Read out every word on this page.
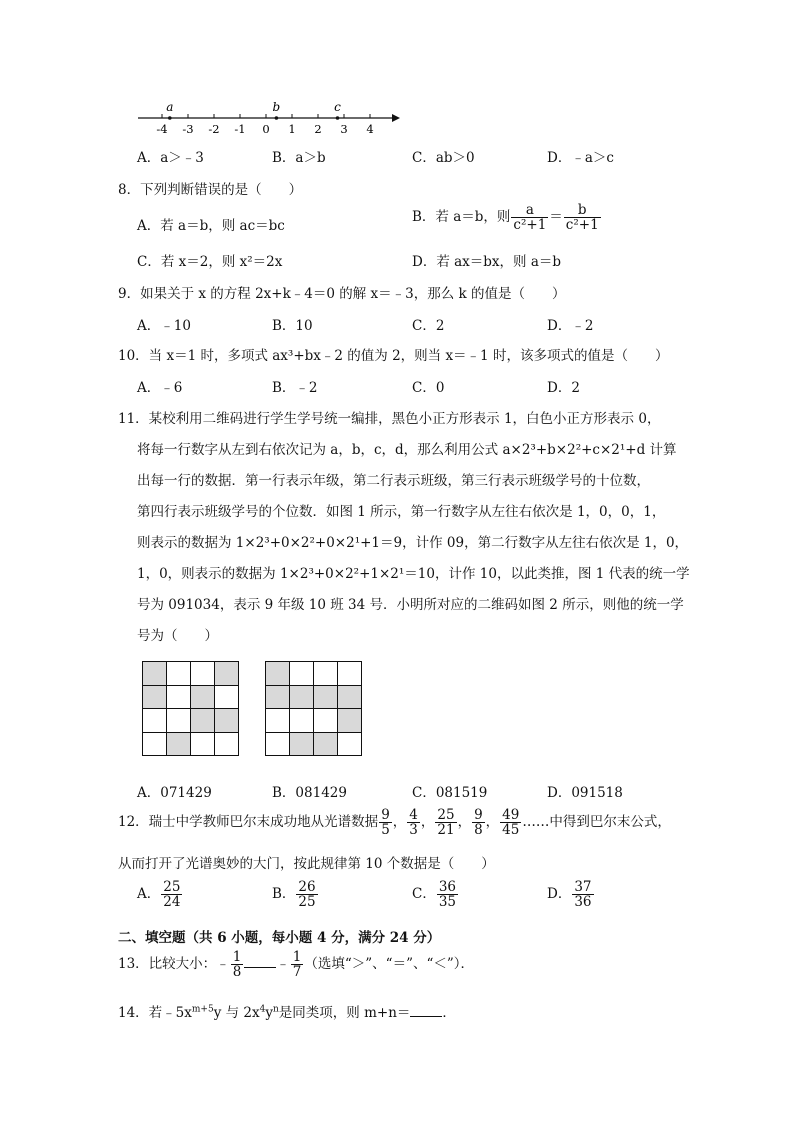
-4 -3 -2 -1 0 1 2 3 4
a	b	c
A．a＞﹣3	B．a＞b	C．ab＞0	D．﹣a＞c
8．下列判断错误的是（　　）
A．若 a＝b，则 ac＝bc
B．若 a＝b，则 $\frac{a}{\text{c²+1}} = \frac{b}{\text{c²+1}}$
C．若 x＝2，则 x²＝2x	D．若 ax＝bx，则 a＝b
9．如果关于 x 的方程 2x+k﹣4＝0 的解 x＝﹣3，那么 k 的值是（　　）
A．﹣10	B．10	C．2	D．﹣2
10．当 x＝1 时，多项式 ax³+bx﹣2 的值为 2，则当 x＝﹣1 时，该多项式的值是（　　）
A．﹣6	B．﹣2	C．0	D．2
11．某校利用二维码进行学生学号统一编排，黑色小正方形表示 1，白色小正方形表示 0，
将每一行数字从左到右依次记为 a，b，c，d，那么利用公式 a×2³+b×2²+c×2¹+d 计算
出每一行的数据．第一行表示年级，第二行表示班级，第三行表示班级学号的十位数，
第四行表示班级学号的个位数．如图 1 所示，第一行数字从左往右依次是 1，0，0，1，
则表示的数据为 1×2³+0×2²+0×2¹+1＝9，计作 09，第二行数字从左往右依次是 1，0，
1，0，则表示的数据为 1×2³+0×2²+1×2¹＝10，计作 10，以此类推，图 1 代表的统一学
号为 091034，表示 9 年级 10 班 34 号．小明所对应的二维码如图 2 所示，则他的统一学
号为（　　）

A．071429	B．081429	C．081519	D．091518
12．瑞士中学教师巴尔末成功地从光谱数据 $\frac{9}{5}$ ， $\frac{4}{3}$ ， $\frac{25}{21}$ ， $\frac{9}{8}$ ， $\frac{49}{45}$ ……中得到巴尔末公式，
从而打开了光谱奥妙的大门，按此规律第 10 个数据是（　　）
A． $\frac{25}{24}$	B． $\frac{26}{25}$	C． $\frac{36}{35}$	D． $\frac{37}{36}$
二、填空题（共 6 小题，每小题 4 分，满分 24 分）
13．比较大小：﹣ $\frac{1}{8}$ ﹣ $\frac{1}{7}$ （选填“＞”、“＝”、“＜”）．
14．若$﹣5x^{m+5}y$ 与 $2x^4y^n$是同类项，则 m+n＝ ．
